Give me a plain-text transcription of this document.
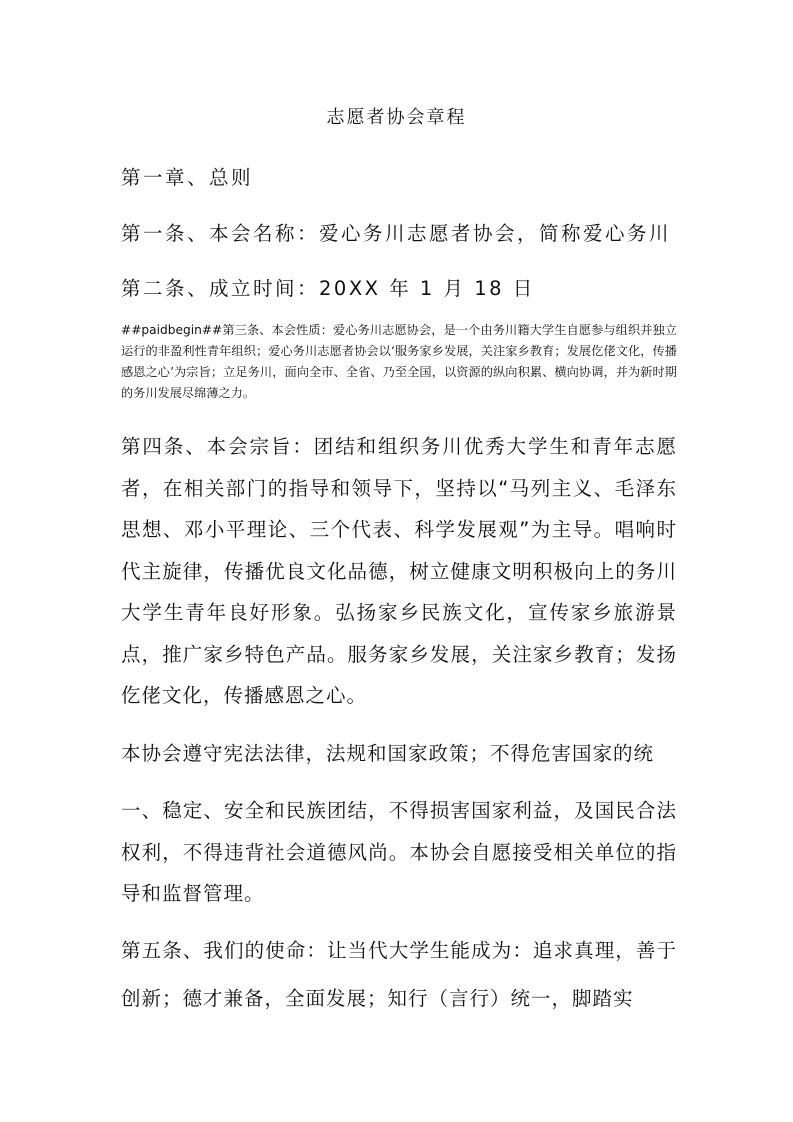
志愿者协会章程
第一章、总则
第一条、本会名称：爱心务川志愿者协会，简称爱心务川
第二条、成立时间：20XX 年 1 月 18 日
##paidbegin##第三条、本会性质：爱心务川志愿协会，是一个由务川籍大学生自愿参与组织并独立运行的非盈利性青年组织；爱心务川志愿者协会以‘服务家乡发展，关注家乡教育；发展仡佬文化，传播感恩之心’为宗旨；立足务川，面向全市、全省、乃至全国，以资源的纵向积累、横向协调，并为新时期的务川发展尽绵薄之力。
第四条、本会宗旨：团结和组织务川优秀大学生和青年志愿者，在相关部门的指导和领导下，坚持以“马列主义、毛泽东思想、邓小平理论、三个代表、科学发展观”为主导。唱响时代主旋律，传播优良文化品德，树立健康文明积极向上的务川大学生青年良好形象。弘扬家乡民族文化，宣传家乡旅游景点，推广家乡特色产品。服务家乡发展，关注家乡教育；发扬仡佬文化，传播感恩之心。
本协会遵守宪法法律，法规和国家政策；不得危害国家的统
一、稳定、安全和民族团结，不得损害国家利益，及国民合法权利，不得违背社会道德风尚。本协会自愿接受相关单位的指导和监督管理。
第五条、我们的使命：让当代大学生能成为：追求真理，善于创新；德才兼备，全面发展；知行（言行）统一，脚踏实
